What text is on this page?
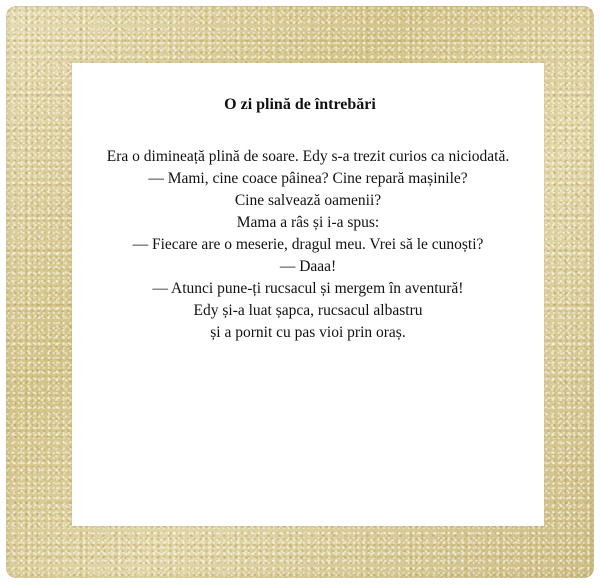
O zi plină de întrebări
Era o dimineață plină de soare. Edy s-a trezit curios ca niciodată.
— Mami, cine coace pâinea? Cine repară mașinile?
Cine salvează oamenii?
Mama a râs și i-a spus:
— Fiecare are o meserie, dragul meu. Vrei să le cunoști?
— Daaa!
— Atunci pune-ți rucsacul și mergem în aventură!
Edy și-a luat șapca, rucsacul albastru
și a pornit cu pas vioi prin oraș.
